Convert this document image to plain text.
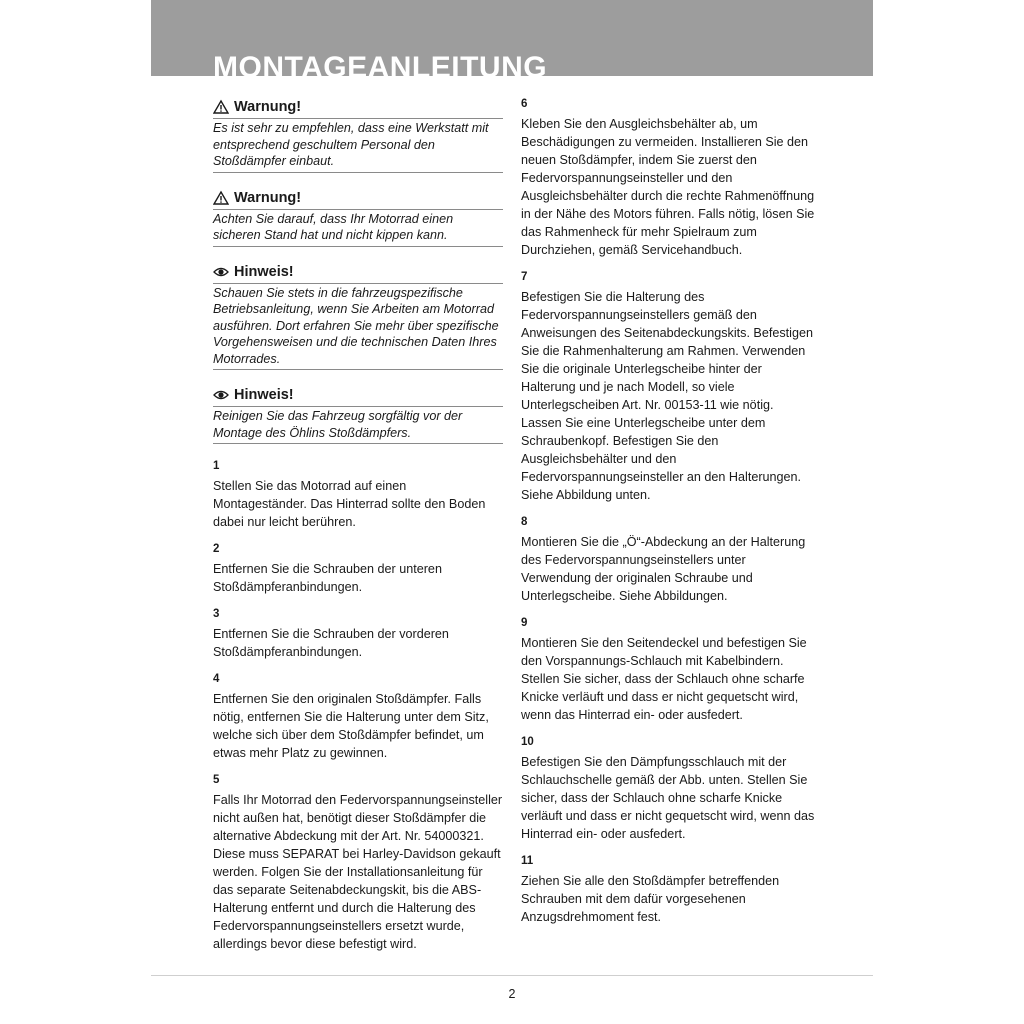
MONTAGEANLEITUNG
Warnung!
Es ist sehr zu empfehlen, dass eine Werkstatt mit entsprechend geschultem Personal den Stoßdämpfer einbaut.
Warnung!
Achten Sie darauf, dass Ihr Motorrad einen sicheren Stand hat und nicht kippen kann.
Hinweis!
Schauen Sie stets in die fahrzeugspezifische Betriebsanleitung, wenn Sie Arbeiten am Motorrad ausführen. Dort erfahren Sie mehr über spezifische Vorgehensweisen und die technischen Daten Ihres Motorrades.
Hinweis!
Reinigen Sie das Fahrzeug sorgfältig vor der Montage des Öhlins Stoßdämpfers.
1
Stellen Sie das Motorrad auf einen Montageständer. Das Hinterrad sollte den Boden dabei nur leicht berühren.
2
Entfernen Sie die Schrauben der unteren Stoßdämpferanbindungen.
3
Entfernen Sie die Schrauben der vorderen Stoßdämpferanbindungen.
4
Entfernen Sie den originalen Stoßdämpfer. Falls nötig, entfernen Sie die Halterung unter dem Sitz, welche sich über dem Stoßdämpfer befindet, um etwas mehr Platz zu gewinnen.
5
Falls Ihr Motorrad den Federvorspannungseinsteller nicht außen hat, benötigt dieser Stoßdämpfer die alternative Abdeckung mit der Art. Nr. 54000321. Diese muss SEPARAT bei Harley-Davidson gekauft werden. Folgen Sie der Installationsanleitung für das separate Seitenabdeckungskit, bis die ABS-Halterung entfernt und durch die Halterung des Federvorspannungseinstellers ersetzt wurde, allerdings bevor diese befestigt wird.
6
Kleben Sie den Ausgleichsbehälter ab, um Beschädigungen zu vermeiden. Installieren Sie den neuen Stoßdämpfer, indem Sie zuerst den Federvorspannungseinsteller und den Ausgleichsbehälter durch die rechte Rahmenöffnung in der Nähe des Motors führen. Falls nötig, lösen Sie das Rahmenheck für mehr Spielraum zum Durchziehen, gemäß Servicehandbuch.
7
Befestigen Sie die Halterung des Federvorspannungseinstellers gemäß den Anweisungen des Seitenabdeckungskits. Befestigen Sie die Rahmenhalterung am Rahmen. Verwenden Sie die originale Unterlegscheibe hinter der Halterung und je nach Modell, so viele Unterlegscheiben Art. Nr. 00153-11 wie nötig. Lassen Sie eine Unterlegscheibe unter dem Schraubenkopf. Befestigen Sie den Ausgleichsbehälter und den Federvorspannungseinsteller an den Halterungen. Siehe Abbildung unten.
8
Montieren Sie die „Ö“-Abdeckung an der Halterung des Federvorspannungseinstellers unter Verwendung der originalen Schraube und Unterlegscheibe. Siehe Abbildungen.
9
Montieren Sie den Seitendeckel und befestigen Sie den Vorspannungs-Schlauch mit Kabelbindern. Stellen Sie sicher, dass der Schlauch ohne scharfe Knicke verläuft und dass er nicht gequetscht wird, wenn das Hinterrad ein- oder ausfedert.
10
Befestigen Sie den Dämpfungsschlauch mit der Schlauchschelle gemäß der Abb. unten. Stellen Sie sicher, dass der Schlauch ohne scharfe Knicke verläuft und dass er nicht gequetscht wird, wenn das Hinterrad ein- oder ausfedert.
11
Ziehen Sie alle den Stoßdämpfer betreffenden Schrauben mit dem dafür vorgesehenen Anzugsdrehmoment fest.
2
